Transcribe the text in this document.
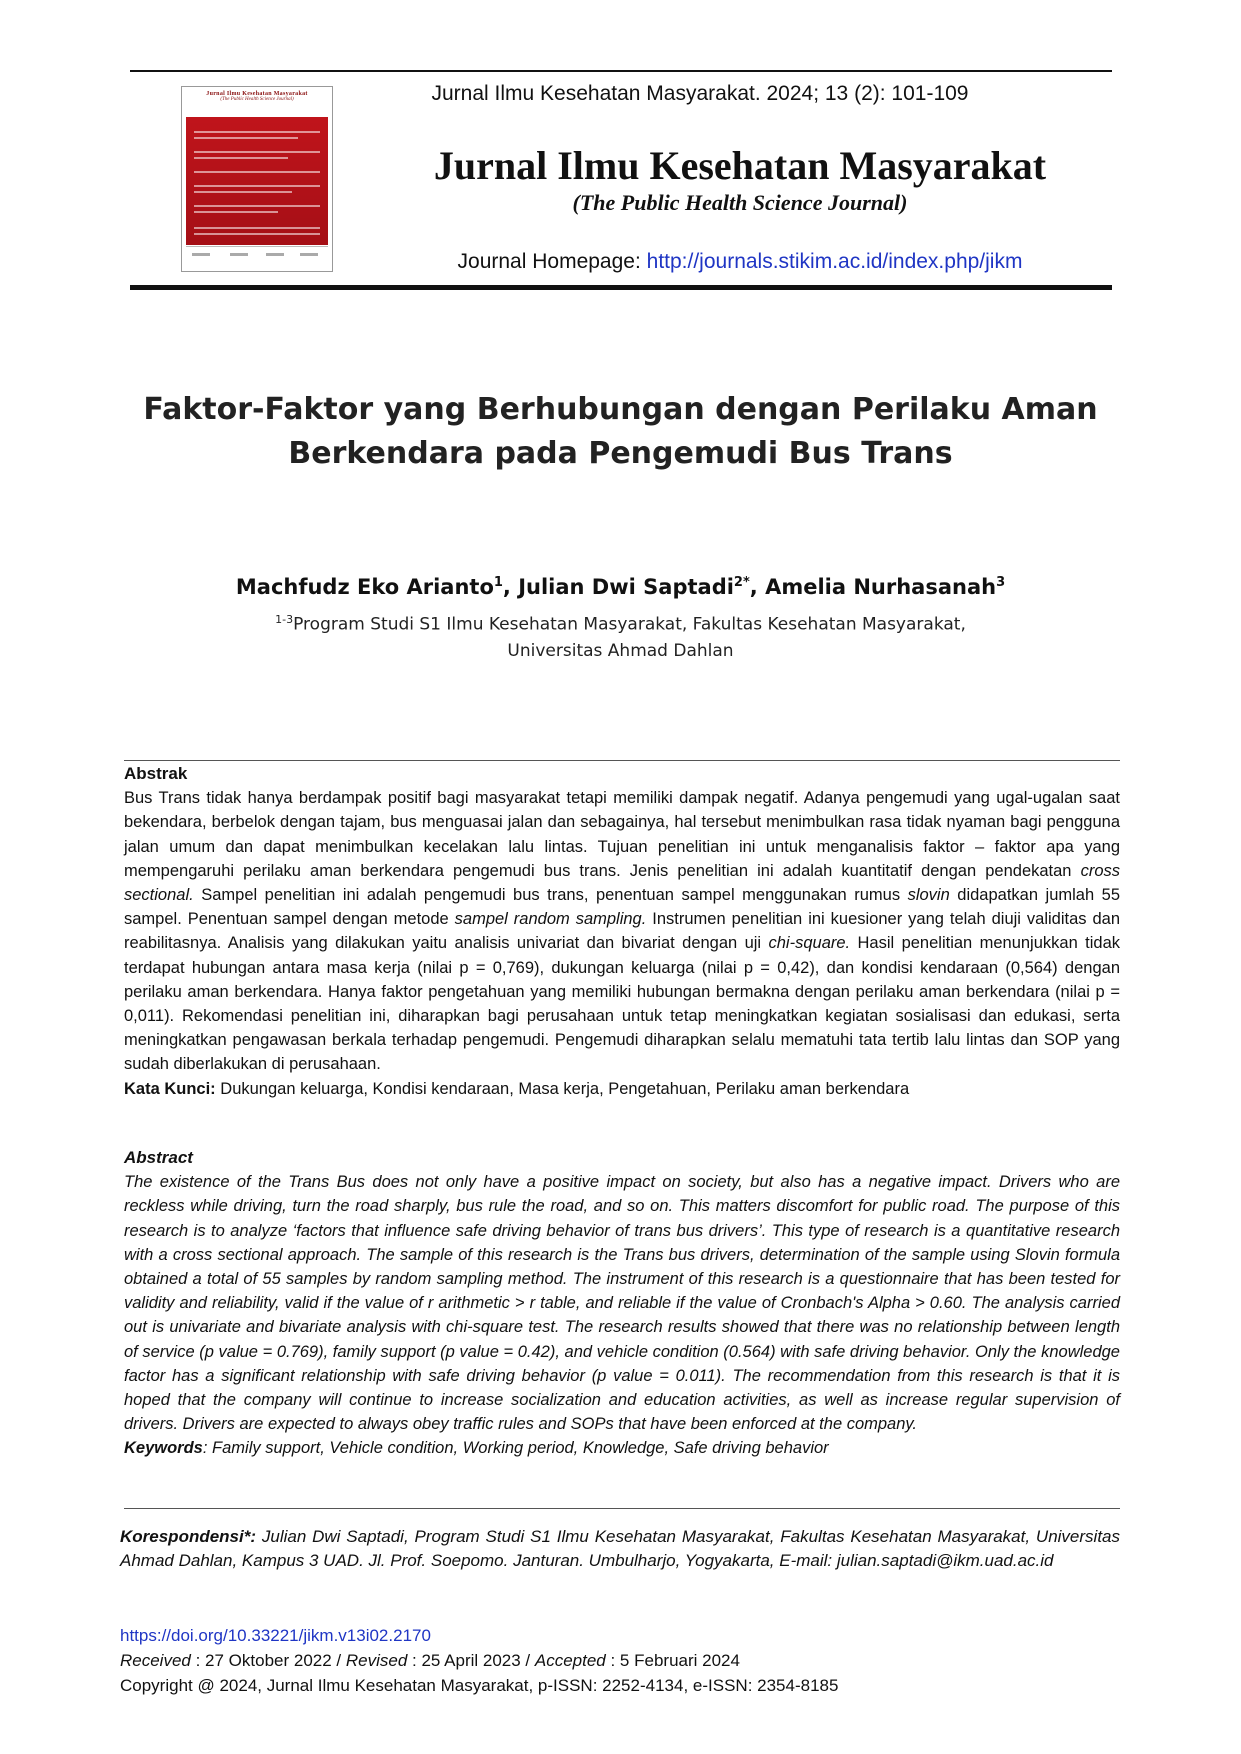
Jurnal Ilmu Kesehatan Masyarakat
(The Public Health Science Journal)	Jurnal Ilmu Kesehatan Masyarakat. 2024; 13 (2): 101-109
Jurnal Ilmu Kesehatan Masyarakat
(The Public Health Science Journal)
Journal Homepage: http://journals.stikim.ac.id/index.php/jikm
Faktor-Faktor yang Berhubungan dengan Perilaku Aman
Berkendara pada Pengemudi Bus Trans
Machfudz Eko Arianto$^1$, Julian Dwi Saptadi$^{2*}$, Amelia Nurhasanah$^3$
$^{1-3}$Program Studi S1 Ilmu Kesehatan Masyarakat, Fakultas Kesehatan Masyarakat,
Universitas Ahmad Dahlan
Abstrak
Bus Trans tidak hanya berdampak positif bagi masyarakat tetapi memiliki dampak negatif. Adanya pengemudi yang ugal-ugalan saat bekendara, berbelok dengan tajam, bus menguasai jalan dan sebagainya, hal tersebut menimbulkan rasa tidak nyaman bagi pengguna jalan umum dan dapat menimbulkan kecelakan lalu lintas. Tujuan penelitian ini untuk menganalisis faktor – faktor apa yang mempengaruhi perilaku aman berkendara pengemudi bus trans. Jenis penelitian ini adalah kuantitatif dengan pendekatan cross sectional. Sampel penelitian ini adalah pengemudi bus trans, penentuan sampel menggunakan rumus slovin didapatkan jumlah 55 sampel. Penentuan sampel dengan metode sampel random sampling. Instrumen penelitian ini kuesioner yang telah diuji validitas dan reabilitasnya. Analisis yang dilakukan yaitu analisis univariat dan bivariat dengan uji chi-square. Hasil penelitian menunjukkan tidak terdapat hubungan antara masa kerja (nilai p = 0,769), dukungan keluarga (nilai p = 0,42), dan kondisi kendaraan (0,564) dengan perilaku aman berkendara. Hanya faktor pengetahuan yang memiliki hubungan bermakna dengan perilaku aman berkendara (nilai p = 0,011). Rekomendasi penelitian ini, diharapkan bagi perusahaan untuk tetap meningkatkan kegiatan sosialisasi dan edukasi, serta meningkatkan pengawasan berkala terhadap pengemudi. Pengemudi diharapkan selalu mematuhi tata tertib lalu lintas dan SOP yang sudah diberlakukan di perusahaan.
Kata Kunci: Dukungan keluarga, Kondisi kendaraan, Masa kerja, Pengetahuan, Perilaku aman berkendara
Abstract
The existence of the Trans Bus does not only have a positive impact on society, but also has a negative impact. Drivers who are reckless while driving, turn the road sharply, bus rule the road, and so on. This matters discomfort for public road. The purpose of this research is to analyze ‘factors that influence safe driving behavior of trans bus drivers’. This type of research is a quantitative research with a cross sectional approach. The sample of this research is the Trans bus drivers, determination of the sample using Slovin formula obtained a total of 55 samples by random sampling method. The instrument of this research is a questionnaire that has been tested for validity and reliability, valid if the value of r arithmetic > r table, and reliable if the value of Cronbach's Alpha > 0.60. The analysis carried out is univariate and bivariate analysis with chi-square test. The research results showed that there was no relationship between length of service (p value = 0.769), family support (p value = 0.42), and vehicle condition (0.564) with safe driving behavior. Only the knowledge factor has a significant relationship with safe driving behavior (p value = 0.011). The recommendation from this research is that it is hoped that the company will continue to increase socialization and education activities, as well as increase regular supervision of drivers. Drivers are expected to always obey traffic rules and SOPs that have been enforced at the company.
Keywords: Family support, Vehicle condition, Working period, Knowledge, Safe driving behavior
Korespondensi*: Julian Dwi Saptadi, Program Studi S1 Ilmu Kesehatan Masyarakat, Fakultas Kesehatan Masyarakat, Universitas Ahmad Dahlan, Kampus 3 UAD. Jl. Prof. Soepomo. Janturan. Umbulharjo, Yogyakarta, E-mail: julian.saptadi@ikm.uad.ac.id
https://doi.org/10.33221/jikm.v13i02.2170
Received : 27 Oktober 2022 / Revised : 25 April 2023 / Accepted : 5 Februari 2024
Copyright @ 2024, Jurnal Ilmu Kesehatan Masyarakat, p-ISSN: 2252-4134, e-ISSN: 2354-8185
